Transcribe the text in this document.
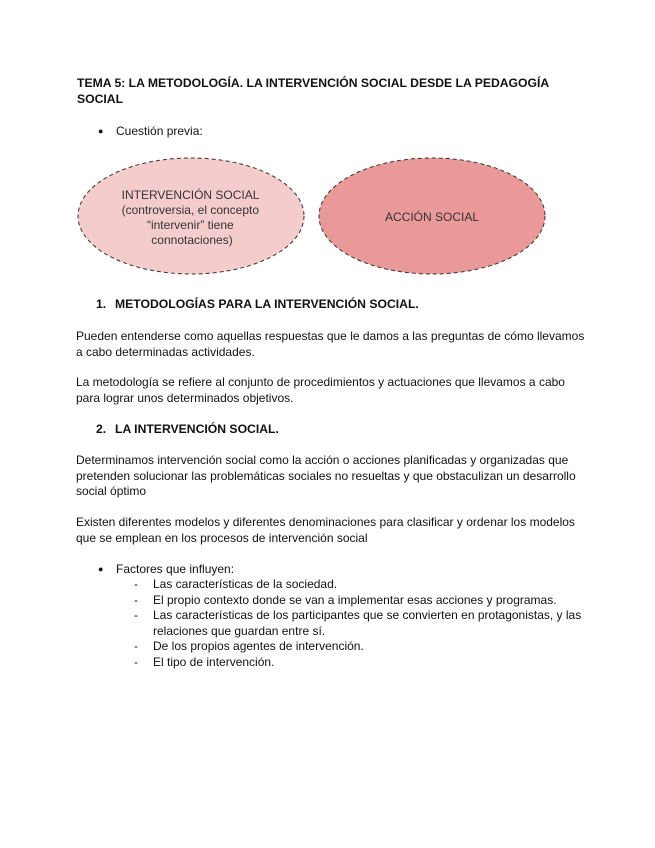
TEMA 5: LA METODOLOGÍA. LA INTERVENCIÓN SOCIAL DESDE LA PEDAGOGÍA SOCIAL
● Cuestión previa:
INTERVENCIÓN SOCIAL (controversia, el concepto “intervenir” tiene connotaciones)
ACCIÓN SOCIAL
1. METODOLOGÍAS PARA LA INTERVENCIÓN SOCIAL.

Pueden entenderse como aquellas respuestas que le damos a las preguntas de cómo llevamos a cabo determinadas actividades.

La metodología se refiere al conjunto de procedimientos y actuaciones que llevamos a cabo para lograr unos determinados objetivos.

2. LA INTERVENCIÓN SOCIAL.

Determinamos intervención social como la acción o acciones planificadas y organizadas que pretenden solucionar las problemáticas sociales no resueltas y que obstaculizan un desarrollo social óptimo

Existen diferentes modelos y diferentes denominaciones para clasificar y ordenar los modelos que se emplean en los procesos de intervención social

● Factores que influyen:
-	Las características de la sociedad.
-	El propio contexto donde se van a implementar esas acciones y programas.
-	Las características de los participantes que se convierten en protagonistas, y las relaciones que guardan entre sí.
-	De los propios agentes de intervención.
-	El tipo de intervención.
